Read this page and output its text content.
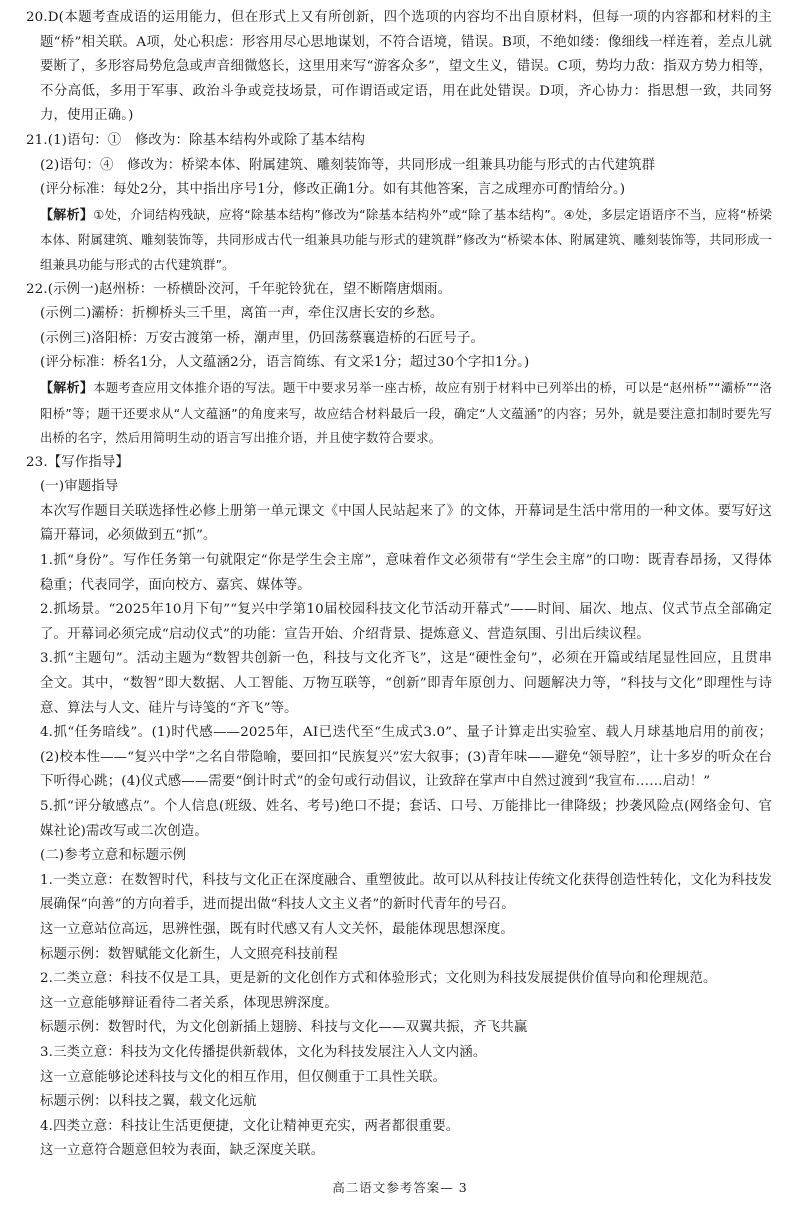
20.D(本题考查成语的运用能力，但在形式上又有所创新，四个选项的内容均不出自原材料，但每一项的内容都和材料的主题“桥”相关联。A项，处心积虑：形容用尽心思地谋划，不符合语境，错误。B项，不绝如缕：像细线一样连着，差点儿就要断了，多形容局势危急或声音细微悠长，这里用来写“游客众多”，望文生义，错误。C项，势均力敌：指双方势力相等，不分高低，多用于军事、政治斗争或竞技场景，可作谓语或定语，用在此处错误。D项，齐心协力：指思想一致，共同努力，使用正确。)

21.(1)语句：①　修改为：除基本结构外或除了基本结构

(2)语句：④　修改为：桥梁本体、附属建筑、雕刻装饰等，共同形成一组兼具功能与形式的古代建筑群

(评分标准：每处2分，其中指出序号1分，修改正确1分。如有其他答案，言之成理亦可酌情给分。)

【解析】①处，介词结构残缺，应将“除基本结构”修改为“除基本结构外”或“除了基本结构”。④处，多层定语语序不当，应将“桥梁本体、附属建筑、雕刻装饰等，共同形成古代一组兼具功能与形式的建筑群”修改为“桥梁本体、附属建筑、雕刻装饰等，共同形成一组兼具功能与形式的古代建筑群”。

22.(示例一)赵州桥：一桥横卧洨河，千年驼铃犹在，望不断隋唐烟雨。

(示例二)灞桥：折柳桥头三千里，离笛一声，牵住汉唐长安的乡愁。

(示例三)洛阳桥：万安古渡第一桥，潮声里，仍回荡蔡襄造桥的石匠号子。

(评分标准：桥名1分，人文蕴涵2分，语言简练、有文采1分；超过30个字扣1分。)

【解析】本题考查应用文体推介语的写法。题干中要求另举一座古桥，故应有别于材料中已列举出的桥，可以是“赵州桥”“灞桥”“洛阳桥”等；题干还要求从“人文蕴涵”的角度来写，故应结合材料最后一段，确定“人文蕴涵”的内容；另外，就是要注意扣制时要先写出桥的名字，然后用简明生动的语言写出推介语，并且使字数符合要求。

23.【写作指导】

(一)审题指导

本次写作题目关联选择性必修上册第一单元课文《中国人民站起来了》的文体，开幕词是生活中常用的一种文体。要写好这篇开幕词，必须做到五“抓”。

1.抓“身份”。写作任务第一句就限定“你是学生会主席”，意味着作文必须带有“学生会主席”的口吻：既青春昂扬，又得体稳重；代表同学，面向校方、嘉宾、媒体等。

2.抓场景。“2025年10月下旬”“复兴中学第10届校园科技文化节活动开幕式”——时间、届次、地点、仪式节点全部确定了。开幕词必须完成“启动仪式”的功能：宣告开始、介绍背景、提炼意义、营造氛围、引出后续议程。

3.抓“主题句”。活动主题为“数智共创新一色，科技与文化齐飞”，这是“硬性金句”，必须在开篇或结尾显性回应，且贯串全文。其中，“数智”即大数据、人工智能、万物互联等，“创新”即青年原创力、问题解决力等，“科技与文化”即理性与诗意、算法与人文、硅片与诗笺的“齐飞”等。

4.抓“任务暗线”。(1)时代感——2025年，AI已迭代至“生成式3.0”、量子计算走出实验室、载人月球基地启用的前夜；(2)校本性——“复兴中学”之名自带隐喻，要回扣“民族复兴”宏大叙事；(3)青年味——避免“领导腔”，让十多岁的听众在台下听得心跳；(4)仪式感——需要“倒计时式”的金句或行动倡议，让致辞在掌声中自然过渡到“我宣布……启动！”

5.抓“评分敏感点”。个人信息(班级、姓名、考号)绝口不提；套话、口号、万能排比一律降级；抄袭风险点(网络金句、官媒社论)需改写或二次创造。

(二)参考立意和标题示例

1.一类立意：在数智时代，科技与文化正在深度融合、重塑彼此。故可以从科技让传统文化获得创造性转化，文化为科技发展确保“向善”的方向着手，进而提出做“科技人文主义者”的新时代青年的号召。

这一立意站位高远，思辨性强，既有时代感又有人文关怀，最能体现思想深度。

标题示例：数智赋能文化新生，人文照亮科技前程

2.二类立意：科技不仅是工具，更是新的文化创作方式和体验形式；文化则为科技发展提供价值导向和伦理规范。

这一立意能够辩证看待二者关系，体现思辨深度。

标题示例：数智时代，为文化创新插上翅膀、科技与文化——双翼共振，齐飞共赢

3.三类立意：科技为文化传播提供新载体，文化为科技发展注入人文内涵。

这一立意能够论述科技与文化的相互作用，但仅侧重于工具性关联。

标题示例：以科技之翼，载文化远航

4.四类立意：科技让生活更便捷，文化让精神更充实，两者都很重要。

这一立意符合题意但较为表面，缺乏深度关联。

高二语文参考答案— 3
